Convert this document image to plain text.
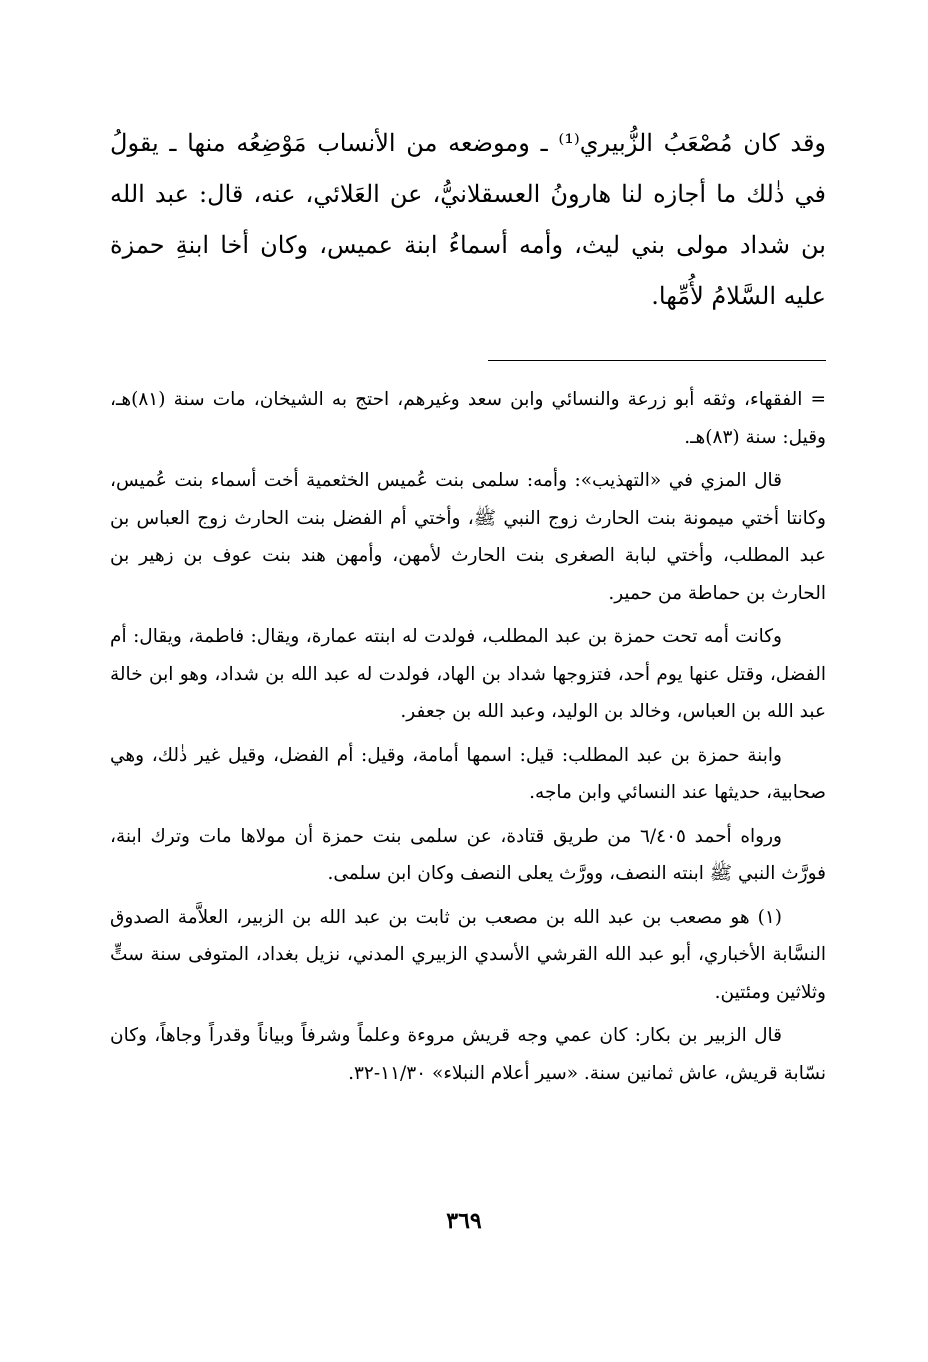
وقد كان مُصْعَبُ الزُّبيري⁽¹⁾ ـ وموضعه من الأنساب مَوْضِعُه منها ـ يقولُ في ذٰلك ما أجازه لنا هارونُ العسقلانيُّ، عن العَلائي، عنه، قال: عبد الله بن شداد مولى بني ليث، وأمه أسماءُ ابنة عميس، وكان أخا ابنةِ حمزة عليه السَّلامُ لأُمِّها.

= الفقهاء، وثقه أبو زرعة والنسائي وابن سعد وغيرهم، احتج به الشيخان، مات سنة (٨١)هـ، وقيل: سنة (٨٣)هـ.

قال المزي في «التهذيب»: وأمه: سلمى بنت عُميس الخثعمية أخت أسماء بنت عُميس، وكانتا أختي ميمونة بنت الحارث زوج النبي ﷺ، وأختي أم الفضل بنت الحارث زوج العباس بن عبد المطلب، وأختي لبابة الصغرى بنت الحارث لأمهن، وأمهن هند بنت عوف بن زهير بن الحارث بن حماطة من حمير.

وكانت أمه تحت حمزة بن عبد المطلب، فولدت له ابنته عمارة، ويقال: فاطمة، ويقال: أم الفضل، وقتل عنها يوم أحد، فتزوجها شداد بن الهاد، فولدت له عبد الله بن شداد، وهو ابن خالة عبد الله بن العباس، وخالد بن الوليد، وعبد الله بن جعفر.

وابنة حمزة بن عبد المطلب: قيل: اسمها أمامة، وقيل: أم الفضل، وقيل غير ذٰلك، وهي صحابية، حديثها عند النسائي وابن ماجه.

ورواه أحمد ٦/٤٠٥ من طريق قتادة، عن سلمى بنت حمزة أن مولاها مات وترك ابنة، فورَّث النبي ﷺ ابنته النصف، وورَّث يعلى النصف وكان ابن سلمى.

(١) هو مصعب بن عبد الله بن مصعب بن ثابت بن عبد الله بن الزبير، العلاَّمة الصدوق النسَّابة الأخباري، أبو عبد الله القرشي الأسدي الزبيري المدني، نزيل بغداد، المتوفى سنة ستٍّ وثلاثين ومئتين.

قال الزبير بن بكار: كان عمي وجه قريش مروءة وعلماً وشرفاً وبياناً وقدراً وجاهاً، وكان نسّابة قريش، عاش ثمانين سنة. «سير أعلام النبلاء» ١١/٣٠-٣٢.

٣٦٩
